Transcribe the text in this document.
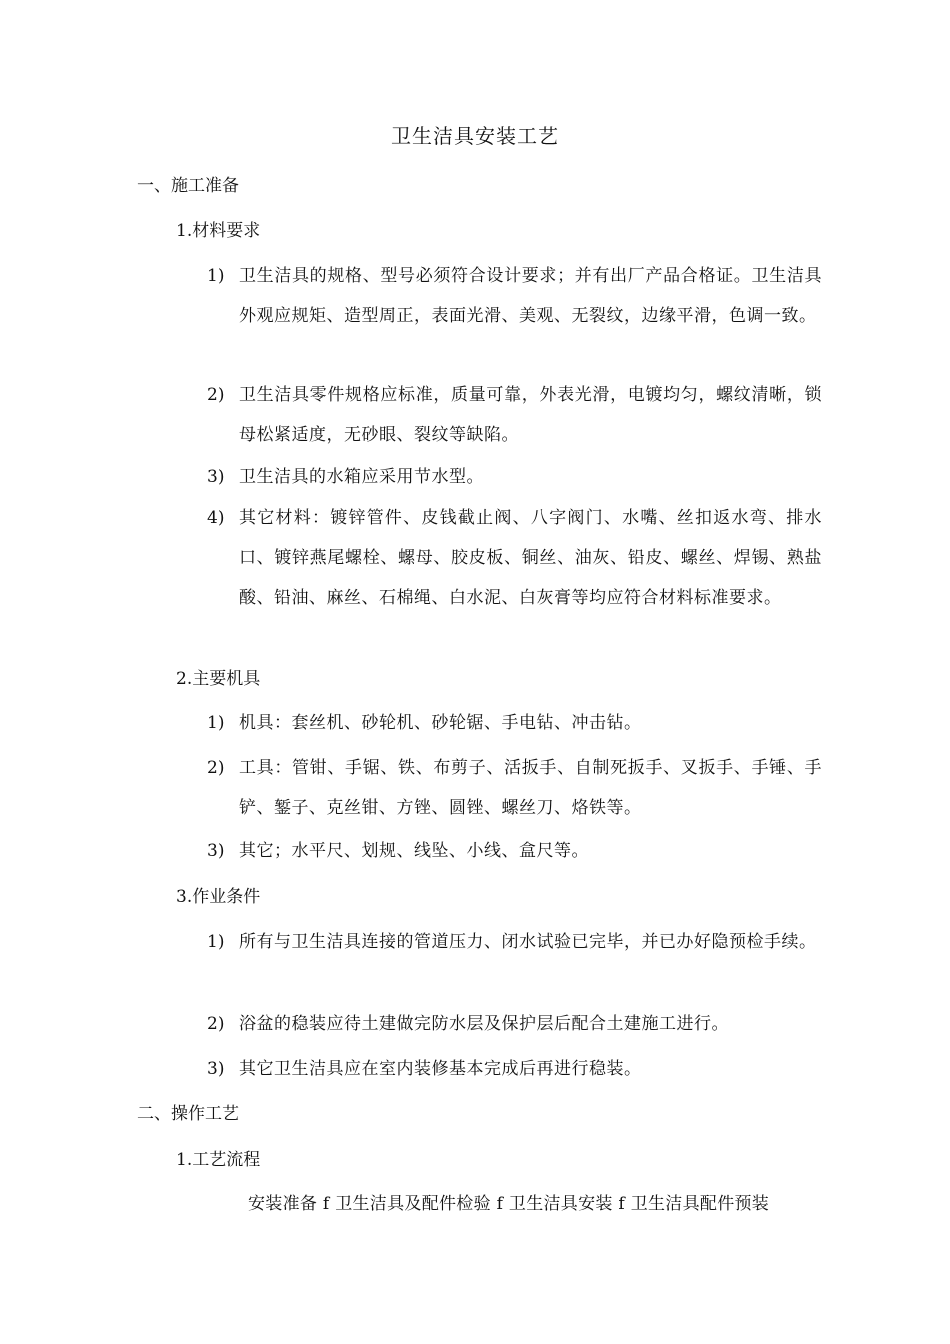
卫生洁具安装工艺
一、施工准备
1.材料要求
1) 卫生洁具的规格、型号必须符合设计要求；并有出厂产品合格证。卫生洁具外观应规矩、造型周正，表面光滑、美观、无裂纹，边缘平滑，色调一致。
2) 卫生洁具零件规格应标准，质量可靠，外表光滑，电镀均匀，螺纹清晰，锁母松紧适度，无砂眼、裂纹等缺陷。
3) 卫生洁具的水箱应采用节水型。
4) 其它材料：镀锌管件、皮钱截止阀、八字阀门、水嘴、丝扣返水弯、排水口、镀锌燕尾螺栓、螺母、胶皮板、铜丝、油灰、铅皮、螺丝、焊锡、熟盐酸、铅油、麻丝、石棉绳、白水泥、白灰膏等均应符合材料标准要求。
2.主要机具
1) 机具：套丝机、砂轮机、砂轮锯、手电钻、冲击钻。
2) 工具：管钳、手锯、铁、布剪子、活扳手、自制死扳手、叉扳手、手锤、手铲、錾子、克丝钳、方锉、圆锉、螺丝刀、烙铁等。
3) 其它；水平尺、划规、线坠、小线、盒尺等。
3.作业条件
1) 所有与卫生洁具连接的管道压力、闭水试验已完毕，并已办好隐预检手续。
2) 浴盆的稳装应待土建做完防水层及保护层后配合土建施工进行。
3) 其它卫生洁具应在室内装修基本完成后再进行稳装。
二、操作工艺
1.工艺流程
安装准备 f 卫生洁具及配件检验 f 卫生洁具安装 f 卫生洁具配件预装
